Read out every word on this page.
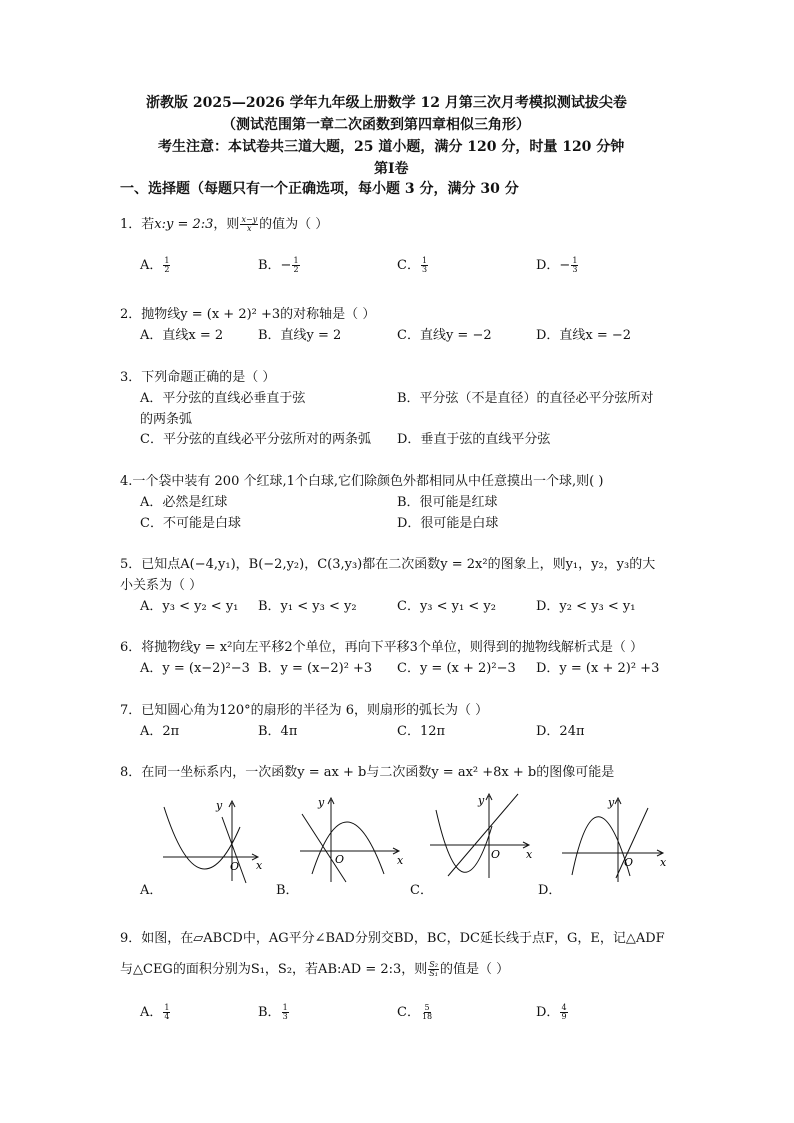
浙教版 2025—2026 学年九年级上册数学 12 月第三次月考模拟测试拔尖卷
（测试范围第一章二次函数到第四章相似三角形）
考生注意：本试卷共三道大题，25 道小题，满分 120 分，时量 120 分钟
第Ⅰ卷
一、选择题（每题只有一个正确选项，每小题 3 分，满分 30 分
1．若x:y = 2:3，则 $\frac{x-y}{x}$ 的值为（ ）
A． $\frac{1}{2}$	B．− $\frac{1}{2}$	C． $\frac{1}{3}$	D．− $\frac{1}{3}$
2．抛物线y = (x + 2)² +3的对称轴是（ ）
A．直线x = 2	B．直线y = 2	C．直线y = −2	D．直线x = −2
3．下列命题正确的是（ ）
A．平分弦的直线必垂直于弦	B．平分弦（不是直径）的直径必平分弦所对
的两条弧
C．平分弦的直线必平分弦所对的两条弧 D．垂直于弦的直线平分弦
4.一个袋中装有 200 个红球,1个白球,它们除颜色外都相同从中任意摸出一个球,则( )
A．必然是红球	B．很可能是红球
C．不可能是白球	D．很可能是白球
5．已知点A(−4,y₁)，B(−2,y₂)，C(3,y₃)都在二次函数y = 2x²的图象上，则y₁，y₂，y₃的大
小关系为（ ）
A．y₃ < y₂ < y₁ B．y₁ < y₃ < y₂	C．y₃ < y₁ < y₂	D．y₂ < y₃ < y₁
6．将抛物线y = x²向左平移2个单位，再向下平移3个单位，则得到的抛物线解析式是（ ）
A．y = (x−2)²−3 B．y = (x−2)² +3 C．y = (x + 2)²−3 D．y = (x + 2)² +3
7．已知圆心角为120°的扇形的半径为 6，则扇形的弧长为（ ）
A．2π	B．4π	C．12π	D．24π
8．在同一坐标系内，一次函数y = ax + b与二次函数y = ax² +8x + b的图像可能是
y
x
O
A．
y
x
O
B．
y
x
O
C．
y
x
O
D．
9．如图，在▱ABCD中，AG平分∠BAD分别交BD，BC，DC延长线于点F，G，E，记△ADF
与△CEG的面积分别为S₁，S₂，若AB:AD = 2:3，则 $\frac{\text{S₂}}{\text{S₁}}$ 的值是（ ）
A． $\frac{1}{4}$	B． $\frac{1}{3}$	C． $\frac{5}{18}$	D． $\frac{4}{9}$
